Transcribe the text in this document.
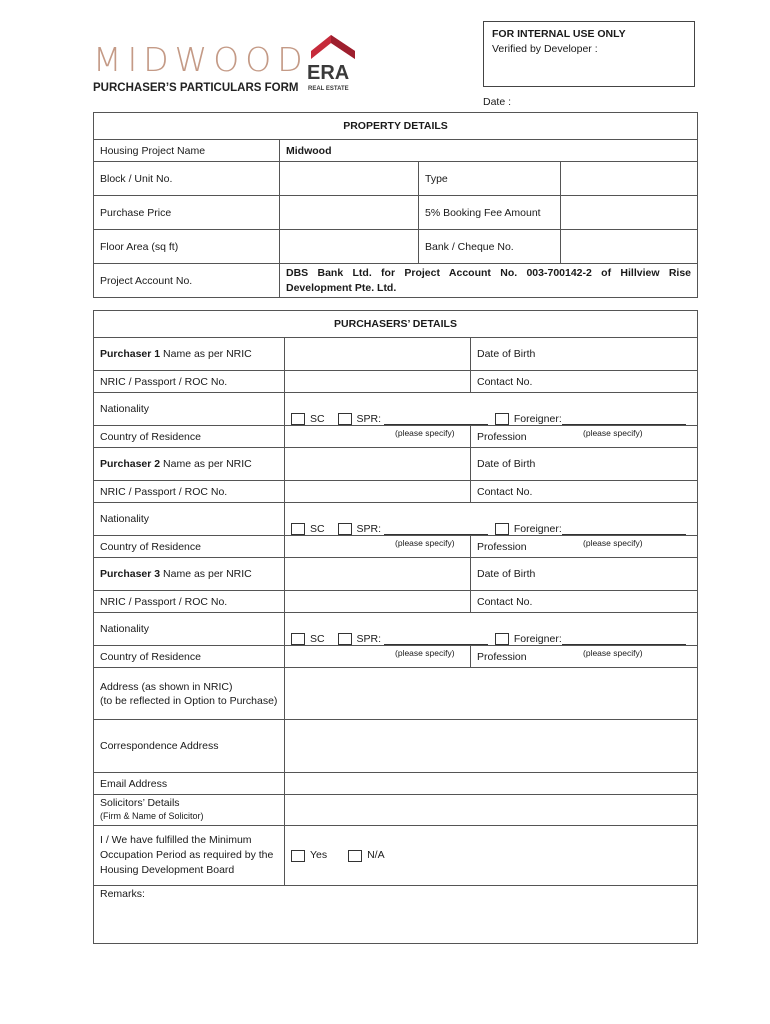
MIDWOOD
ERA
REAL ESTATE
PURCHASER’S PARTICULARS FORM
FOR INTERNAL USE ONLY
Verified by Developer :
Date :
PROPERTY DETAILS			
Housing Project Name	Midwood		
Block / Unit No.		Type	
Purchase Price		5% Booking Fee Amount	
Floor Area (sq ft)		Bank / Cheque No.	
Project Account No.	DBS Bank Ltd. for Project Account No. 003-700142-2 of Hillview Rise Development Pte. Ltd.		
PURCHASERS’ DETAILS		
Purchaser 1 Name as per NRIC		Date of Birth
NRIC / Passport / ROC No.		Contact No.
Nationality	SC SPR: Foreigner:
(please specify) (please specify)	

Country of Residence		Profession
Purchaser 2 Name as per NRIC		Date of Birth
NRIC / Passport / ROC No.		Contact No.
Nationality	SC SPR: Foreigner:
(please specify) (please specify)	

Country of Residence		Profession
Purchaser 3 Name as per NRIC		Date of Birth
NRIC / Passport / ROC No.		Contact No.
Nationality	SC SPR: Foreigner:
(please specify) (please specify)	

Country of Residence		Profession
Address (as shown in NRIC)
(to be reflected in Option to Purchase)		
Correspondence Address		
Email Address		
Solicitors’ Details
(Firm & Name of Solicitor)		
I / We have fulfilled the Minimum Occupation Period as required by the Housing Development Board	Yes N/A	
Remarks:		
